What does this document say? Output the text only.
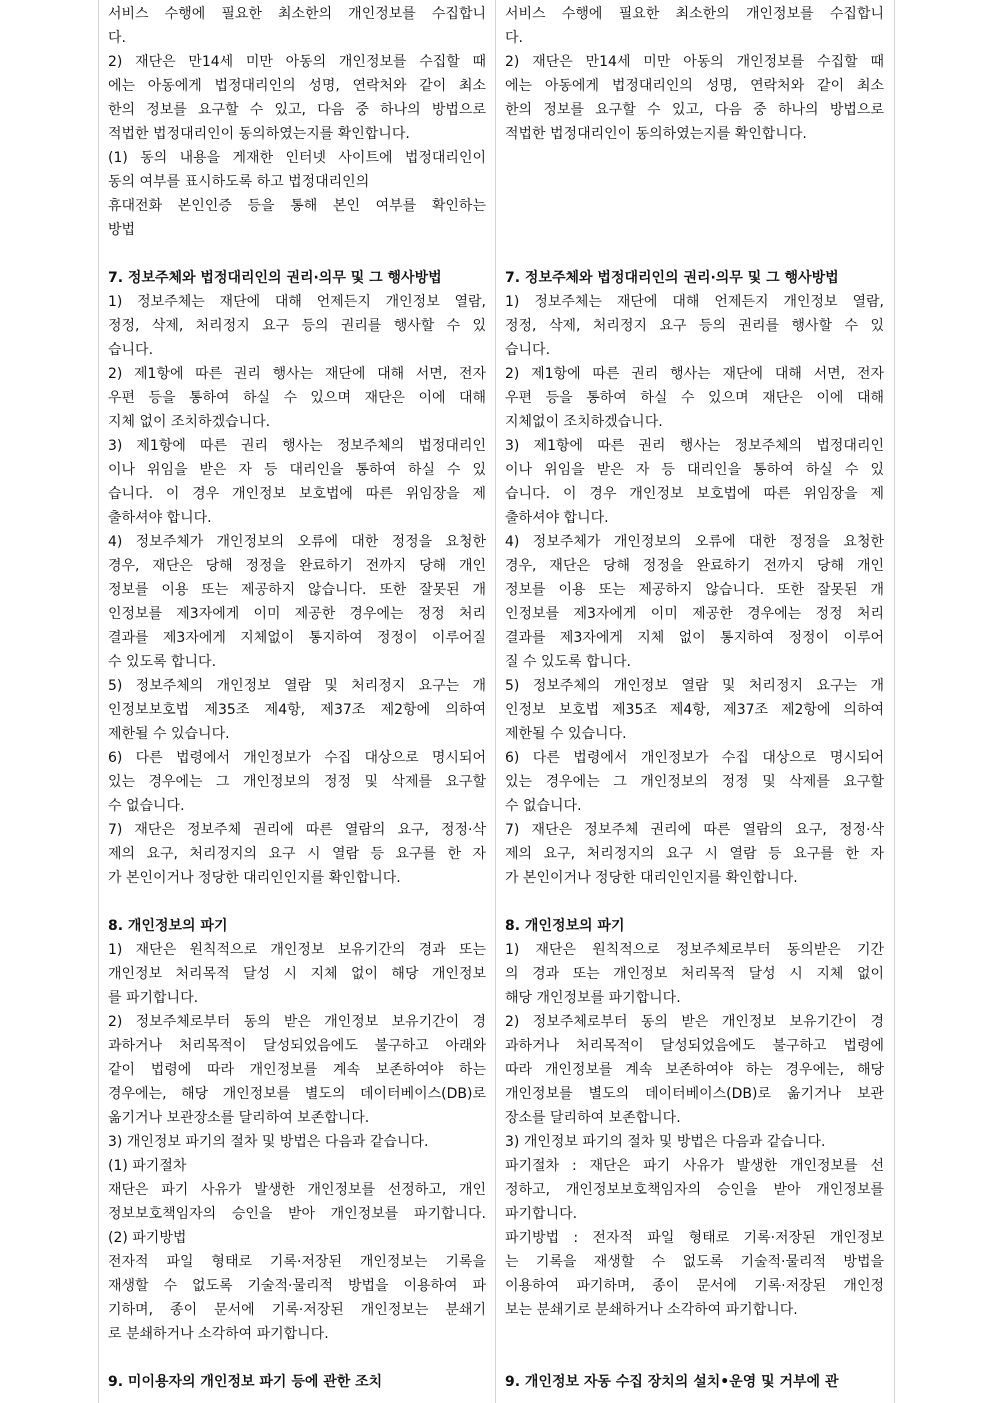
서비스 수행에 필요한 최소한의 개인정보를 수집합니
다.
2) 재단은 만14세 미만 아동의 개인정보를 수집할 때
에는 아동에게 법정대리인의 성명, 연락처와 같이 최소
한의 정보를 요구할 수 있고, 다음 중 하나의 방법으로
적법한 법정대리인이 동의하였는지를 확인합니다.
(1) 동의 내용을 게재한 인터넷 사이트에 법정대리인이
동의 여부를 표시하도록 하고 법정대리인의
휴대전화 본인인증 등을 통해 본인 여부를 확인하는
방법

7. 정보주체와 법정대리인의 권리·의무 및 그 행사방법
1) 정보주체는 재단에 대해 언제든지 개인정보 열람,
정정, 삭제, 처리정지 요구 등의 권리를 행사할 수 있
습니다.
2) 제1항에 따른 권리 행사는 재단에 대해 서면, 전자
우편 등을 통하여 하실 수 있으며 재단은 이에 대해
지체 없이 조치하겠습니다.
3) 제1항에 따른 권리 행사는 정보주체의 법정대리인
이나 위임을 받은 자 등 대리인을 통하여 하실 수 있
습니다. 이 경우 개인정보 보호법에 따른 위임장을 제
출하셔야 합니다.
4) 정보주체가 개인정보의 오류에 대한 정정을 요청한
경우, 재단은 당해 정정을 완료하기 전까지 당해 개인
정보를 이용 또는 제공하지 않습니다. 또한 잘못된 개
인정보를 제3자에게 이미 제공한 경우에는 정정 처리
결과를 제3자에게 지체없이 통지하여 정정이 이루어질
수 있도록 합니다.
5) 정보주체의 개인정보 열람 및 처리정지 요구는 개
인정보보호법 제35조 제4항, 제37조 제2항에 의하여
제한될 수 있습니다.
6) 다른 법령에서 개인정보가 수집 대상으로 명시되어
있는 경우에는 그 개인정보의 정정 및 삭제를 요구할
수 없습니다.
7) 재단은 정보주체 권리에 따른 열람의 요구, 정정·삭
제의 요구, 처리정지의 요구 시 열람 등 요구를 한 자
가 본인이거나 정당한 대리인인지를 확인합니다.

8. 개인정보의 파기
1) 재단은 원칙적으로 개인정보 보유기간의 경과 또는
개인정보 처리목적 달성 시 지체 없이 해당 개인정보
를 파기합니다.
2) 정보주체로부터 동의 받은 개인정보 보유기간이 경
과하거나 처리목적이 달성되었음에도 불구하고 아래와
같이 법령에 따라 개인정보를 계속 보존하여야 하는
경우에는, 해당 개인정보를 별도의 데이터베이스(DB)로
옮기거나 보관장소를 달리하여 보존합니다.
3) 개인정보 파기의 절차 및 방법은 다음과 같습니다.
(1) 파기절차
재단은 파기 사유가 발생한 개인정보를 선정하고, 개인
정보보호책임자의 승인을 받아 개인정보를 파기합니다.
(2) 파기방법
전자적 파일 형태로 기록·저장된 개인정보는 기록을
재생할 수 없도록 기술적·물리적 방법을 이용하여 파
기하며, 종이 문서에 기록·저장된 개인정보는 분쇄기
로 분쇄하거나 소각하여 파기합니다.

9. 미이용자의 개인정보 파기 등에 관한 조치
서비스 수행에 필요한 최소한의 개인정보를 수집합니
다.
2) 재단은 만14세 미만 아동의 개인정보를 수집할 때
에는 아동에게 법정대리인의 성명, 연락처와 같이 최소
한의 정보를 요구할 수 있고, 다음 중 하나의 방법으로
적법한 법정대리인이 동의하였는지를 확인합니다.

7. 정보주체와 법정대리인의 권리·의무 및 그 행사방법
1) 정보주체는 재단에 대해 언제든지 개인정보 열람,
정정, 삭제, 처리정지 요구 등의 권리를 행사할 수 있
습니다.
2) 제1항에 따른 권리 행사는 재단에 대해 서면, 전자
우편 등을 통하여 하실 수 있으며 재단은 이에 대해
지체없이 조치하겠습니다.
3) 제1항에 따른 권리 행사는 정보주체의 법정대리인
이나 위임을 받은 자 등 대리인을 통하여 하실 수 있
습니다. 이 경우 개인정보 보호법에 따른 위임장을 제
출하셔야 합니다.
4) 정보주체가 개인정보의 오류에 대한 정정을 요청한
경우, 재단은 당해 정정을 완료하기 전까지 당해 개인
정보를 이용 또는 제공하지 않습니다. 또한 잘못된 개
인정보를 제3자에게 이미 제공한 경우에는 정정 처리
결과를 제3자에게 지체 없이 통지하여 정정이 이루어
질 수 있도록 합니다.
5) 정보주체의 개인정보 열람 및 처리정지 요구는 개
인정보 보호법 제35조 제4항, 제37조 제2항에 의하여
제한될 수 있습니다.
6) 다른 법령에서 개인정보가 수집 대상으로 명시되어
있는 경우에는 그 개인정보의 정정 및 삭제를 요구할
수 없습니다.
7) 재단은 정보주체 권리에 따른 열람의 요구, 정정·삭
제의 요구, 처리정지의 요구 시 열람 등 요구를 한 자
가 본인이거나 정당한 대리인인지를 확인합니다.

8. 개인정보의 파기
1) 재단은 원칙적으로 정보주체로부터 동의받은 기간
의 경과 또는 개인정보 처리목적 달성 시 지체 없이
해당 개인정보를 파기합니다.
2) 정보주체로부터 동의 받은 개인정보 보유기간이 경
과하거나 처리목적이 달성되었음에도 불구하고 법령에
따라 개인정보를 계속 보존하여야 하는 경우에는, 해당
개인정보를 별도의 데이터베이스(DB)로 옮기거나 보관
장소를 달리하여 보존합니다.
3) 개인정보 파기의 절차 및 방법은 다음과 같습니다.
파기절차 : 재단은 파기 사유가 발생한 개인정보를 선
정하고, 개인정보보호책임자의 승인을 받아 개인정보를
파기합니다.
파기방법 : 전자적 파일 형태로 기록·저장된 개인정보
는 기록을 재생할 수 없도록 기술적·물리적 방법을
이용하여 파기하며, 종이 문서에 기록·저장된 개인정
보는 분쇄기로 분쇄하거나 소각하여 파기합니다.

9. 개인정보 자동 수집 장치의 설치•운영 및 거부에 관
